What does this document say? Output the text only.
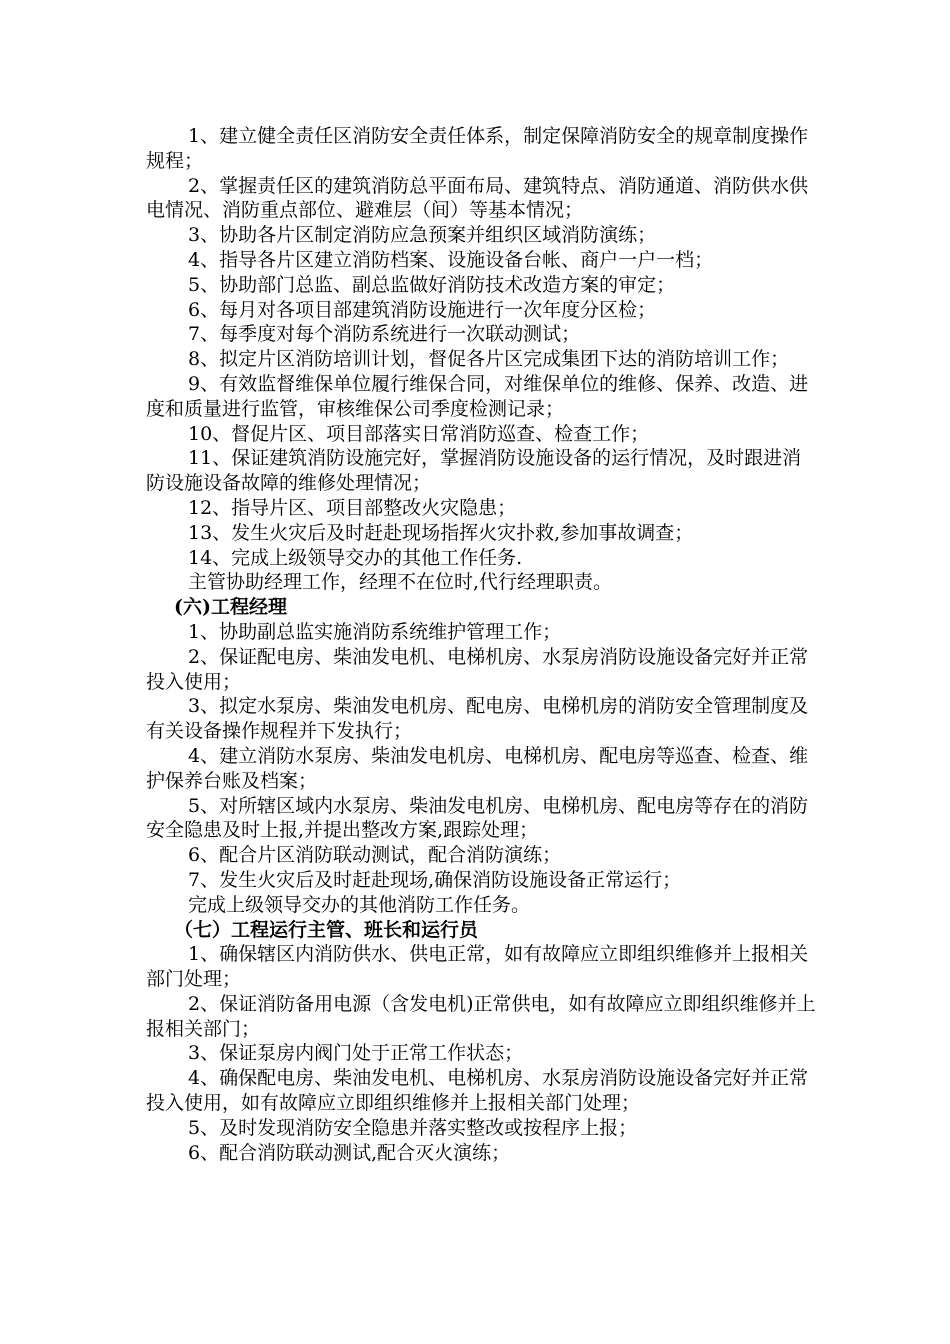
1、建立健全责任区消防安全责任体系，制定保障消防安全的规章制度操作规程；

2、掌握责任区的建筑消防总平面布局、建筑特点、消防通道、消防供水供电情况、消防重点部位、避难层（间）等基本情况；

3、协助各片区制定消防应急预案并组织区域消防演练；

4、指导各片区建立消防档案、设施设备台帐、商户一户一档；

5、协助部门总监、副总监做好消防技术改造方案的审定；

6、每月对各项目部建筑消防设施进行一次年度分区检；

7、每季度对每个消防系统进行一次联动测试；

8、拟定片区消防培训计划，督促各片区完成集团下达的消防培训工作；

9、有效监督维保单位履行维保合同，对维保单位的维修、保养、改造、进度和质量进行监管，审核维保公司季度检测记录；

10、督促片区、项目部落实日常消防巡查、检查工作；

11、保证建筑消防设施完好，掌握消防设施设备的运行情况，及时跟进消防设施设备故障的维修处理情况；

12、指导片区、项目部整改火灾隐患；

13、发生火灾后及时赶赴现场指挥火灾扑救,参加事故调查；

14、完成上级领导交办的其他工作任务.

主管协助经理工作，经理不在位时,代行经理职责。

(六)工程经理

1、协助副总监实施消防系统维护管理工作；

2、保证配电房、柴油发电机、电梯机房、水泵房消防设施设备完好并正常投入使用；

3、拟定水泵房、柴油发电机房、配电房、电梯机房的消防安全管理制度及有关设备操作规程并下发执行；

4、建立消防水泵房、柴油发电机房、电梯机房、配电房等巡查、检查、维护保养台账及档案；

5、对所辖区域内水泵房、柴油发电机房、电梯机房、配电房等存在的消防安全隐患及时上报,并提出整改方案,跟踪处理；

6、配合片区消防联动测试，配合消防演练；

7、发生火灾后及时赶赴现场,确保消防设施设备正常运行；

完成上级领导交办的其他消防工作任务。

（七）工程运行主管、班长和运行员

1、确保辖区内消防供水、供电正常，如有故障应立即组织维修并上报相关部门处理；

2、保证消防备用电源（含发电机)正常供电，如有故障应立即组织维修并上报相关部门；

3、保证泵房内阀门处于正常工作状态；

4、确保配电房、柴油发电机、电梯机房、水泵房消防设施设备完好并正常投入使用，如有故障应立即组织维修并上报相关部门处理；

5、及时发现消防安全隐患并落实整改或按程序上报；

6、配合消防联动测试,配合灭火演练；
